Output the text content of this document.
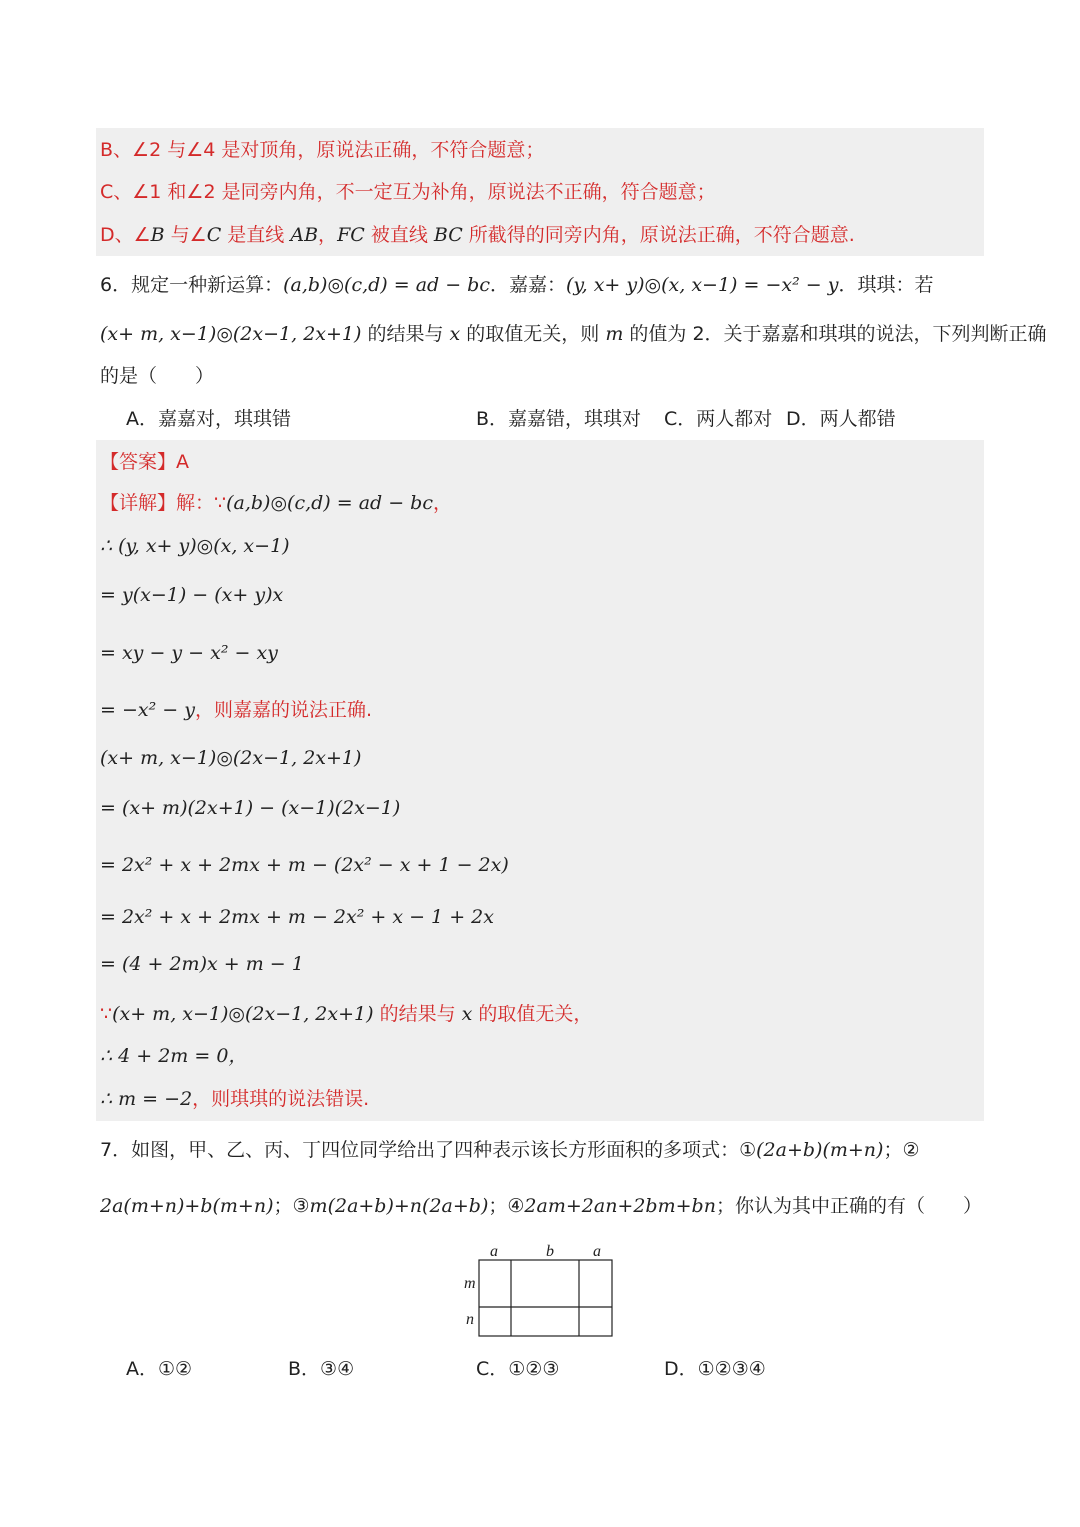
B、∠2 与∠4 是对顶角，原说法正确，不符合题意；
C、∠1 和∠2 是同旁内角，不一定互为补角，原说法不正确，符合题意；
D、∠B 与∠C 是直线 AB，FC 被直线 BC 所截得的同旁内角，原说法正确，不符合题意.
6．规定一种新运算：(a,b)◎(c,d) = ad − bc．嘉嘉：(y, x+ y)◎(x, x−1) = −x² − y．琪琪：若
(x+ m, x−1)◎(2x−1, 2x+1) 的结果与 x 的取值无关，则 m 的值为 2．关于嘉嘉和琪琪的说法，下列判断正确
的是（　　）
A．嘉嘉对，琪琪错	B．嘉嘉错，琪琪对 C．两人都对 D．两人都错
【答案】A
【详解】解：∵(a,b)◎(c,d) = ad − bc，
∴ (y, x+ y)◎(x, x−1)
= y(x−1) − (x+ y)x
= xy − y − x² − xy
= −x² − y，则嘉嘉的说法正确.
(x+ m, x−1)◎(2x−1, 2x+1)
= (x+ m)(2x+1) − (x−1)(2x−1)
= 2x² + x + 2mx + m − (2x² − x + 1 − 2x)
= 2x² + x + 2mx + m − 2x² + x − 1 + 2x
= (4 + 2m)x + m − 1
∵(x+ m, x−1)◎(2x−1, 2x+1) 的结果与 x 的取值无关，
∴ 4 + 2m = 0，
∴ m = −2，则琪琪的说法错误.
7．如图，甲、乙、丙、丁四位同学给出了四种表示该长方形面积的多项式：①(2a+b)(m+n)；②
2a(m+n)+b(m+n)；③m(2a+b)+n(2a+b)；④2am+2an+2bm+bn；你认为其中正确的有（　　）
a	b a
m
n
A．①②	B．③④	C．①②③	D．①②③④
